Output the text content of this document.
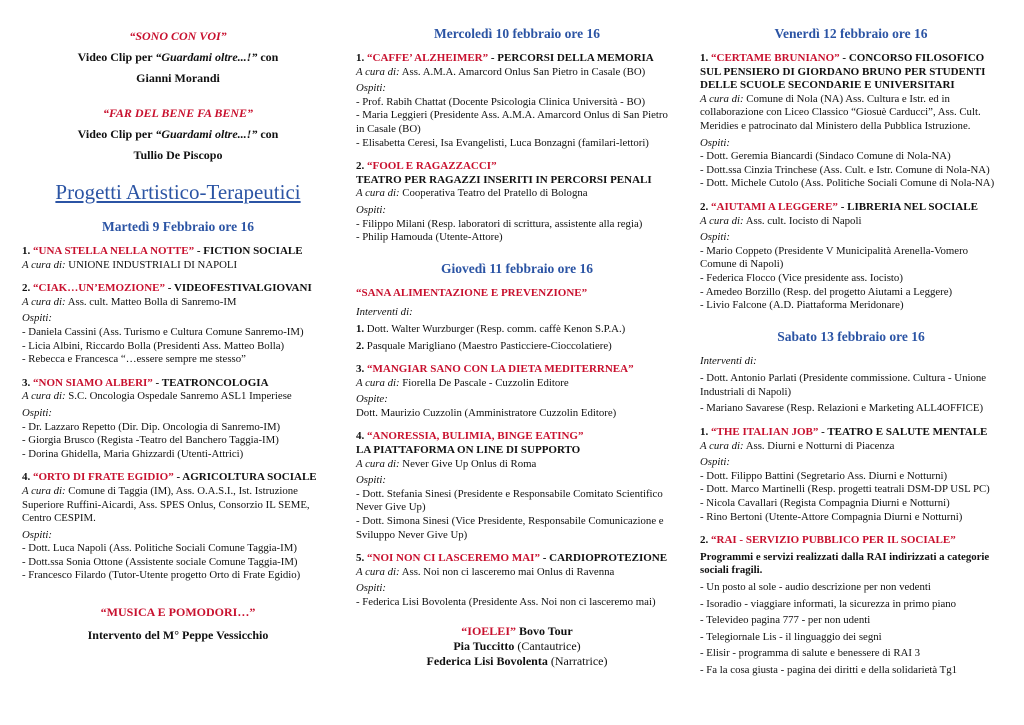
“SONO CON VOI”

Video Clip per “Guardami oltre...!” con

Gianni Morandi

“FAR DEL BENE FA BENE”

Video Clip per “Guardami oltre...!” con

Tullio De Piscopo

Progetti Artistico-Terapeutici

Martedì 9 Febbraio ore 16

1. “UNA STELLA NELLA NOTTE” - FICTION SOCIALE

A cura di: UNIONE INDUSTRIALI DI NAPOLI

2. “CIAK…UN’EMOZIONE” - VIDEOFESTIVALGIOVANI

A cura di: Ass. cult. Matteo Bolla di Sanremo-IM

Ospiti:

- Daniela Cassini (Ass. Turismo e Cultura Comune Sanremo-IM)

- Licia Albini, Riccardo Bolla (Presidenti Ass. Matteo Bolla)

- Rebecca e Francesca “…essere sempre me stesso”

3. “NON SIAMO ALBERI” - TEATRONCOLOGIA

A cura di: S.C. Oncologia Ospedale Sanremo ASL1 Imperiese

Ospiti:

- Dr. Lazzaro Repetto (Dir. Dip. Oncologia di Sanremo-IM)

- Giorgia Brusco (Regista -Teatro del Banchero Taggia-IM)

- Dorina Ghidella, Maria Ghizzardi (Utenti-Attrici)

4. “ORTO DI FRATE EGIDIO” - AGRICOLTURA SOCIALE

A cura di: Comune di Taggia (IM), Ass. O.A.S.I., Ist. Istruzione Superiore Ruffini-Aicardi, Ass. SPES Onlus, Consorzio IL SEME, Centro CESPIM.

Ospiti:

- Dott. Luca Napoli (Ass. Politiche Sociali Comune Taggia-IM)

- Dott.ssa Sonia Ottone (Assistente sociale Comune Taggia-IM)

- Francesco Filardo (Tutor-Utente progetto Orto di Frate Egidio)

“MUSICA E POMODORI…”

Intervento del M° Peppe Vessicchio

Mercoledì 10 febbraio ore 16

1. “CAFFE’ ALZHEIMER” - PERCORSI DELLA MEMORIA

A cura di: Ass. A.M.A. Amarcord Onlus San Pietro in Casale (BO)

Ospiti:

- Prof. Rabih Chattat (Docente Psicologia Clinica Università - BO)

- Maria Leggieri (Presidente Ass. A.M.A. Amarcord Onlus di San Pietro in Casale (BO)

- Elisabetta Ceresi, Isa Evangelisti, Luca Bonzagni (familari-lettori)

2. “FOOL E RAGAZZACCI”

TEATRO PER RAGAZZI INSERITI IN PERCORSI PENALI

A cura di: Cooperativa Teatro del Pratello di Bologna

Ospiti:

- Filippo Milani (Resp. laboratori di scrittura, assistente alla regia)

- Philip Hamouda (Utente-Attore)

Giovedì 11 febbraio ore 16

“SANA ALIMENTAZIONE E PREVENZIONE”

Interventi di:

1. Dott. Walter Wurzburger (Resp. comm. caffè Kenon S.P.A.)

2. Pasquale Marigliano (Maestro Pasticciere-Cioccolatiere)

3. “MANGIAR SANO CON LA DIETA MEDITERRNEA”

A cura di: Fiorella De Pascale - Cuzzolin Editore

Ospite:

Dott. Maurizio Cuzzolin (Amministratore Cuzzolin Editore)

4. “ANORESSIA, BULIMIA, BINGE EATING”

LA PIATTAFORMA ON LINE DI SUPPORTO

A cura di: Never Give Up Onlus di Roma

Ospiti:

- Dott. Stefania Sinesi (Presidente e Responsabile Comitato Scientifico Never Give Up)

- Dott. Simona Sinesi (Vice Presidente, Responsabile Comunicazione e Sviluppo Never Give Up)

5. “NOI NON CI LASCEREMO MAI” - CARDIOPROTEZIONE

A cura di: Ass. Noi non ci lasceremo mai Onlus di Ravenna

Ospiti:

- Federica Lisi Bovolenta (Presidente Ass. Noi non ci lasceremo mai)

“IOELEI” Bovo Tour

Pia Tuccitto (Cantautrice)

Federica Lisi Bovolenta (Narratrice)

Venerdì 12 febbraio ore 16

1. “CERTAME BRUNIANO” - CONCORSO FILOSOFICO SUL PENSIERO DI GIORDANO BRUNO PER STUDENTI DELLE SCUOLE SECONDARIE E UNIVERSITARI

A cura di: Comune di Nola (NA) Ass. Cultura e Istr. ed in collaborazione con Liceo Classico “Giosuè Carducci”, Ass. Cult. Meridies e patrocinato dal Ministero della Pubblica Istruzione.

Ospiti:

- Dott. Geremia Biancardi (Sindaco Comune di Nola-NA)

- Dott.ssa Cinzia Trinchese (Ass. Cult. e Istr. Comune di Nola-NA)

- Dott. Michele Cutolo (Ass. Politiche Sociali Comune di Nola-NA)

2. “AIUTAMI A LEGGERE” - LIBRERIA NEL SOCIALE

A cura di: Ass. cult. Iocisto di Napoli

Ospiti:

- Mario Coppeto (Presidente V Municipalità Arenella-Vomero Comune di Napoli)

- Federica Flocco (Vice presidente ass. Iocisto)

- Amedeo Borzillo (Resp. del progetto Aiutami a Leggere)

- Livio Falcone (A.D. Piattaforma Meridonare)

Sabato 13 febbraio ore 16

Interventi di:

- Dott. Antonio Parlati (Presidente commissione. Cultura - Unione Industriali di Napoli)

- Mariano Savarese (Resp. Relazioni e Marketing ALL4OFFICE)

1. “THE ITALIAN JOB” - TEATRO E SALUTE MENTALE

A cura di: Ass. Diurni e Notturni di Piacenza

Ospiti:

- Dott. Filippo Battini (Segretario Ass. Diurni e Notturni)

- Dott. Marco Martinelli (Resp. progetti teatrali DSM-DP USL PC)

- Nicola Cavallari (Regista Compagnia Diurni e Notturni)

- Rino Bertoni (Utente-Attore Compagnia Diurni e Notturni)

2. “RAI - SERVIZIO PUBBLICO PER IL SOCIALE”

Programmi e servizi realizzati dalla RAI indirizzati a categorie sociali fragili.

- Un posto al sole - audio descrizione per non vedenti

- Isoradio - viaggiare informati, la sicurezza in primo piano

- Televideo pagina 777 - per non udenti

- Telegiornale Lis - il linguaggio dei segni

- Elisir - programma di salute e benessere di RAI 3

- Fa la cosa giusta - pagina dei diritti e della solidarietà Tg1
